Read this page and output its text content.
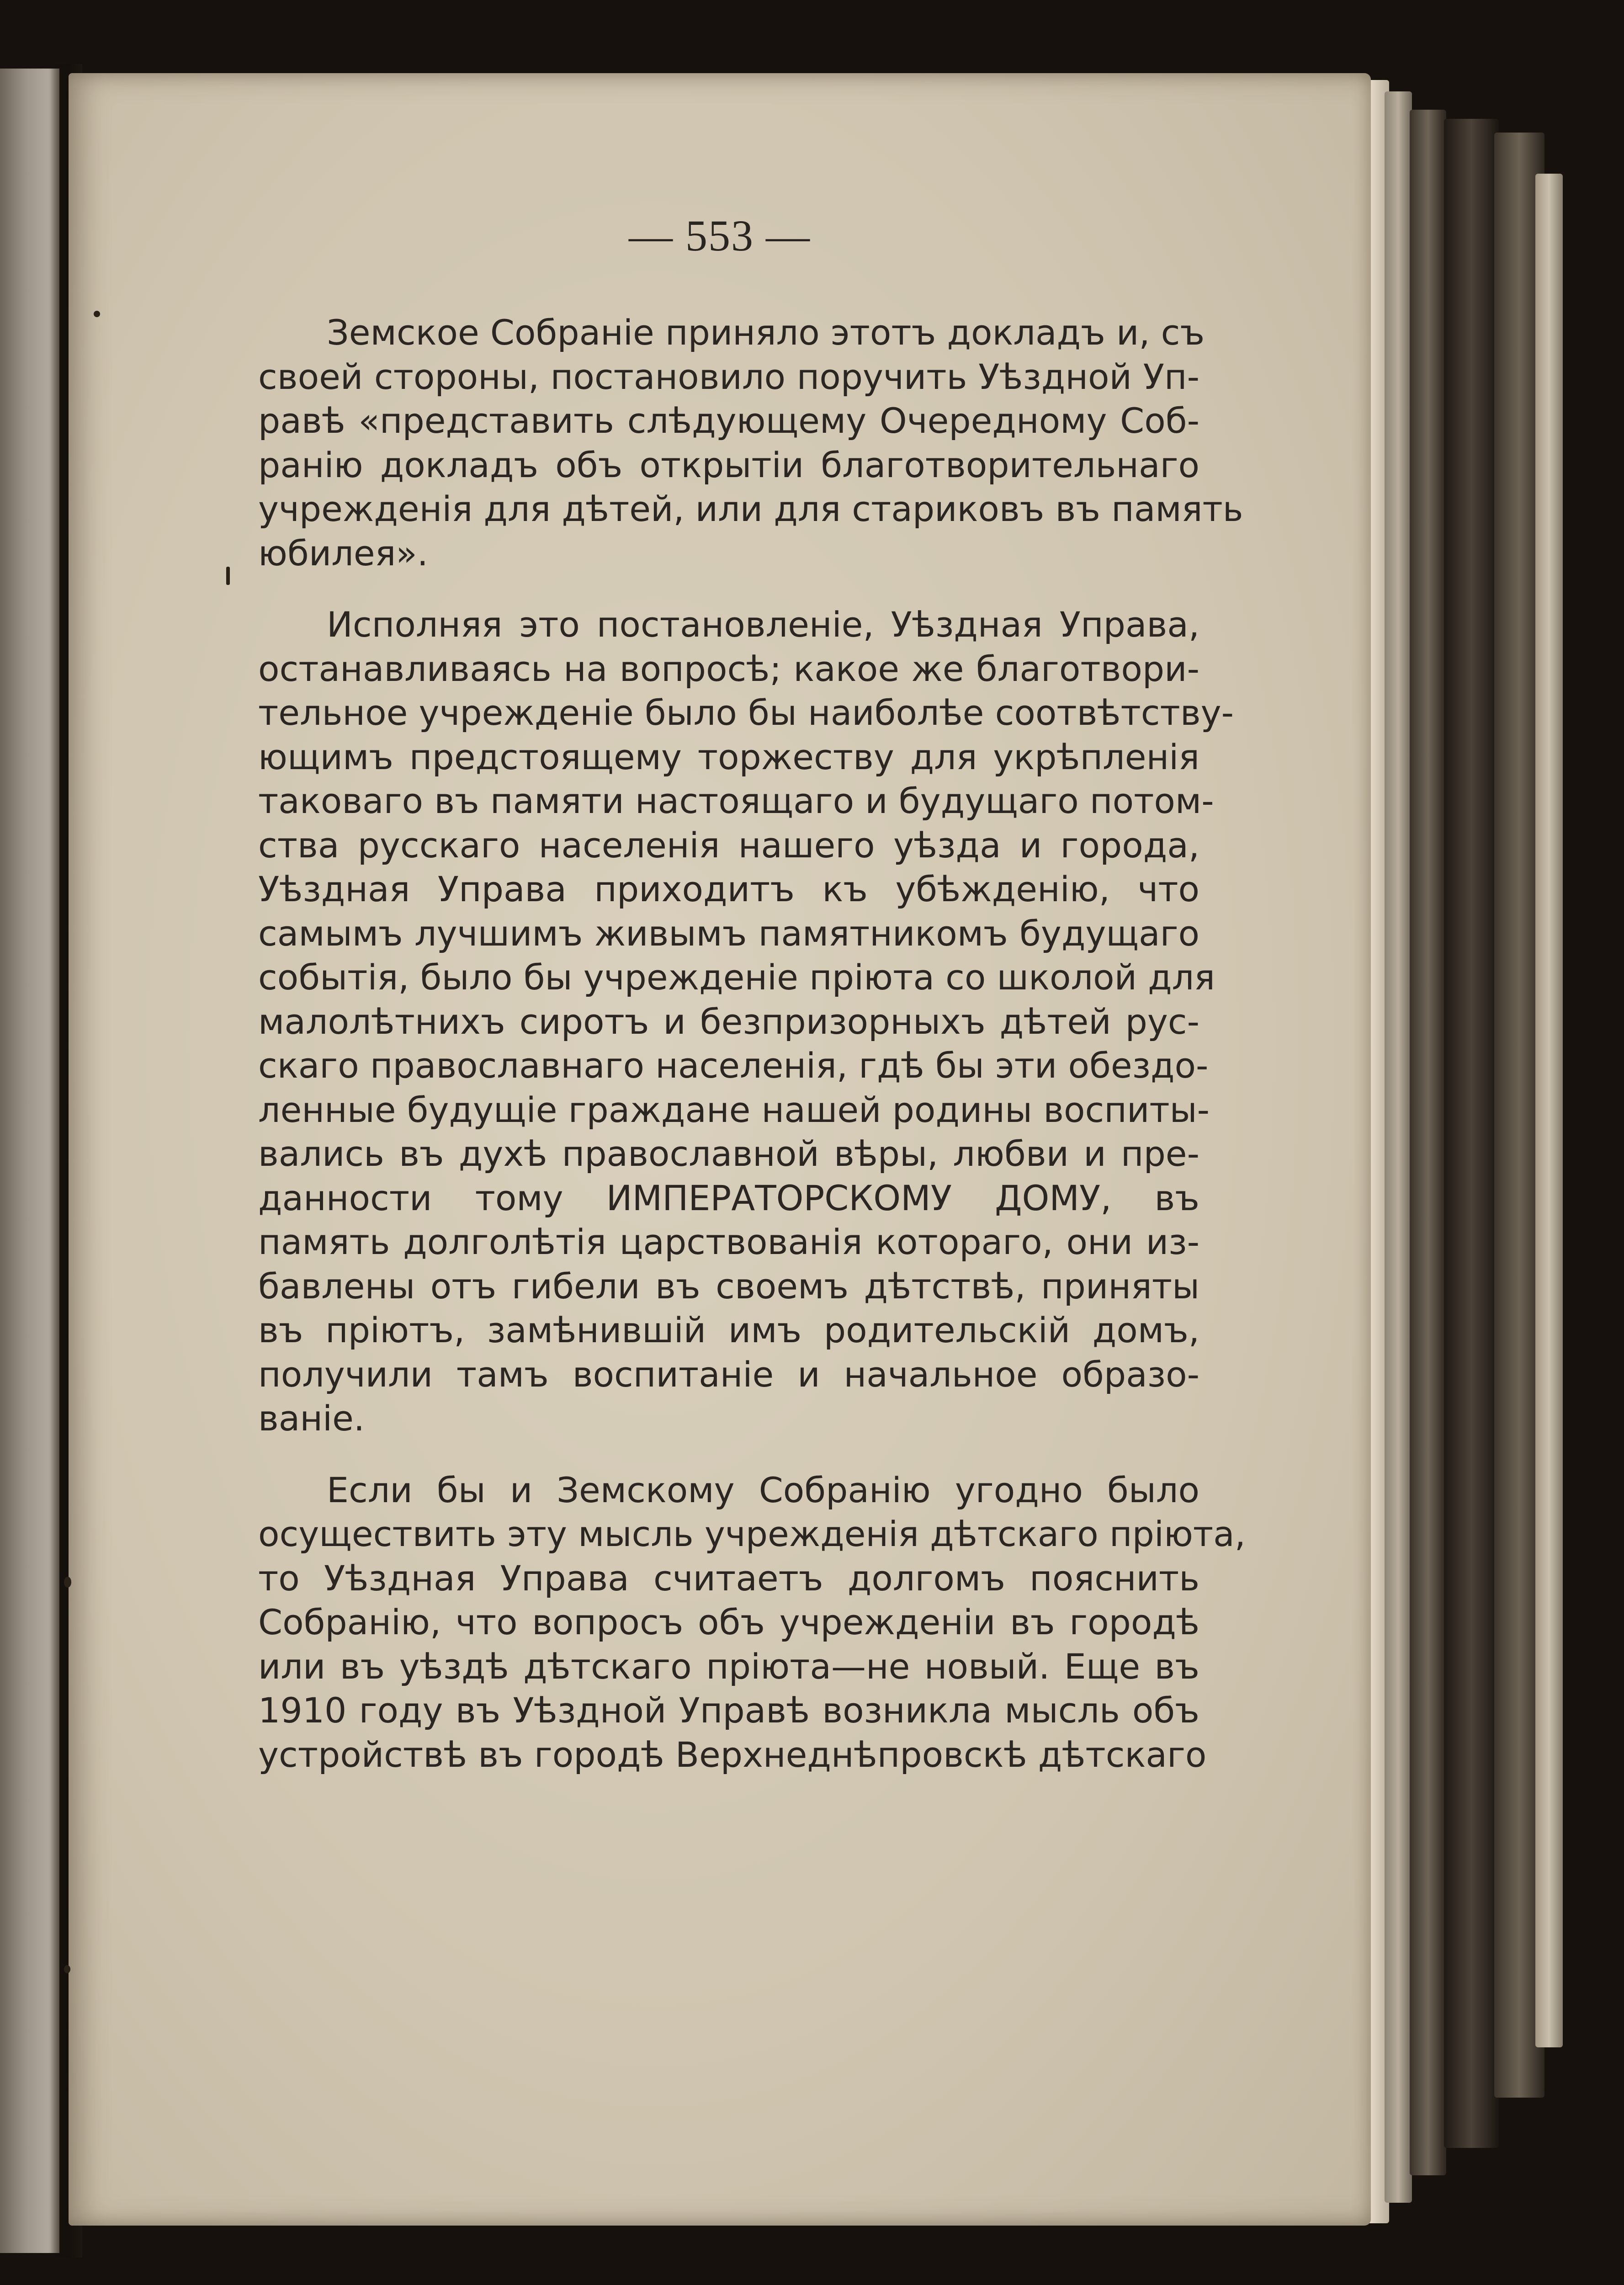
— 553 —
Земское Собраніе приняло этотъ докладъ и, съ
своей стороны, постановило поручить Уѣздной Уп-
равѣ «представить слѣдующему Очередному Соб-
ранію докладъ объ открытіи благотворительнаго
учрежденія для дѣтей, или для стариковъ въ память
юбилея».
Исполняя это постановленіе, Уѣздная Управа,
останавливаясь на вопросѣ; какое же благотвори-
тельное учрежденіе было бы наиболѣе соотвѣтству-
ющимъ предстоящему торжеству для укрѣпленія
таковаго въ памяти настоящаго и будущаго потом-
ства русскаго населенія нашего уѣзда и города,
Уѣздная Управа приходитъ къ убѣжденію, что
самымъ лучшимъ живымъ памятникомъ будущаго
событія, было бы учрежденіе пріюта со школой для
малолѣтнихъ сиротъ и безпризорныхъ дѣтей рус-
скаго православнаго населенія, гдѣ бы эти обездо-
ленные будущіе граждане нашей родины воспиты-
вались въ духѣ православной вѣры, любви и пре-
данности тому ИМПЕРАТОРСКОМУ ДОМУ, въ
память долголѣтія царствованія котораго, они из-
бавлены отъ гибели въ своемъ дѣтствѣ, приняты
въ пріютъ, замѣнившій имъ родительскій домъ,
получили тамъ воспитаніе и начальное образо-
ваніе.
Если бы и Земскому Собранію угодно было
осуществить эту мысль учрежденія дѣтскаго пріюта,
то Уѣздная Управа считаетъ долгомъ пояснить
Собранію, что вопросъ объ учрежденіи въ городѣ
или въ уѣздѣ дѣтскаго пріюта—не новый. Еще въ
1910 году въ Уѣздной Управѣ возникла мысль объ
устройствѣ въ городѣ Верхнеднѣпровскѣ дѣтскаго
